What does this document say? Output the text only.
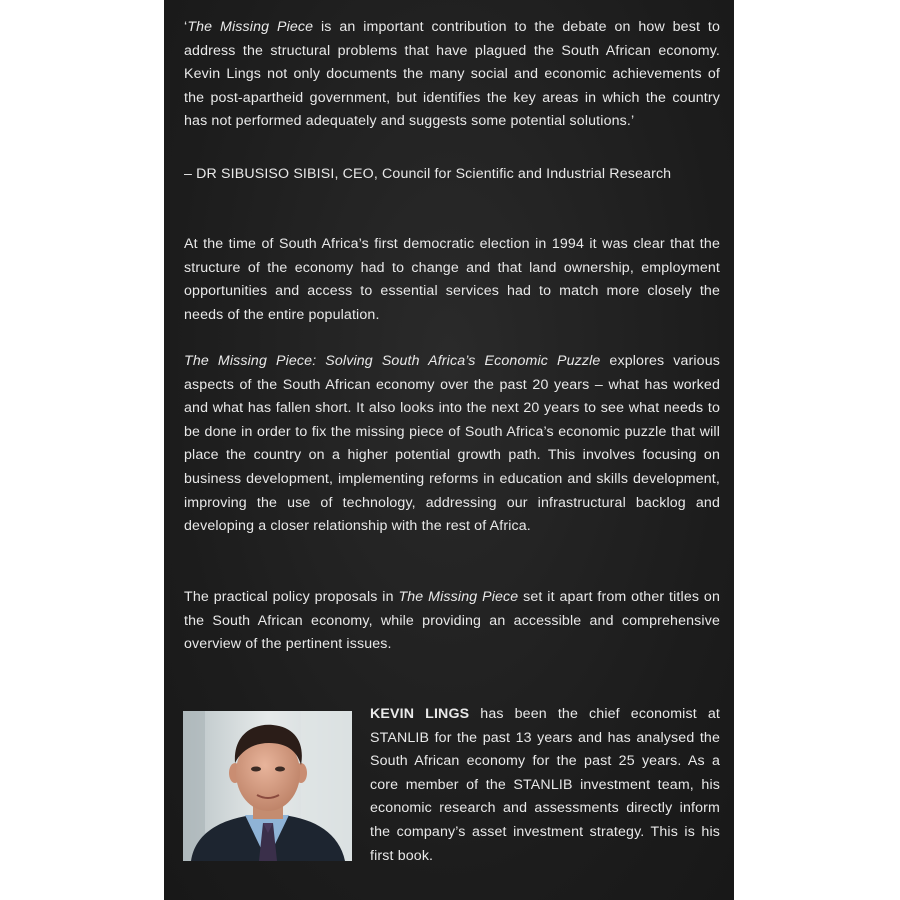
‘The Missing Piece is an important contribution to the debate on how best to address the structural problems that have plagued the South African economy. Kevin Lings not only documents the many social and economic achievements of the post-apartheid government, but identifies the key areas in which the country has not performed adequately and suggests some potential solutions.’

– DR SIBUSISO SIBISI, CEO, Council for Scientific and Industrial Research

At the time of South Africa’s first democratic election in 1994 it was clear that the structure of the economy had to change and that land ownership, employment opportunities and access to essential services had to match more closely the needs of the entire population.

The Missing Piece: Solving South Africa’s Economic Puzzle explores various aspects of the South African economy over the past 20 years – what has worked and what has fallen short. It also looks into the next 20 years to see what needs to be done in order to fix the missing piece of South Africa’s economic puzzle that will place the country on a higher potential growth path. This involves focusing on business development, implementing reforms in education and skills development, improving the use of technology, addressing our infrastructural backlog and developing a closer relationship with the rest of Africa.

The practical policy proposals in The Missing Piece set it apart from other titles on the South African economy, while providing an accessible and comprehensive overview of the pertinent issues.

KEVIN LINGS has been the chief economist at STANLIB for the past 13 years and has analysed the South African economy for the past 25 years. As a core member of the STANLIB investment team, his economic research and assessments directly inform the company’s asset investment strategy. This is his first book.
